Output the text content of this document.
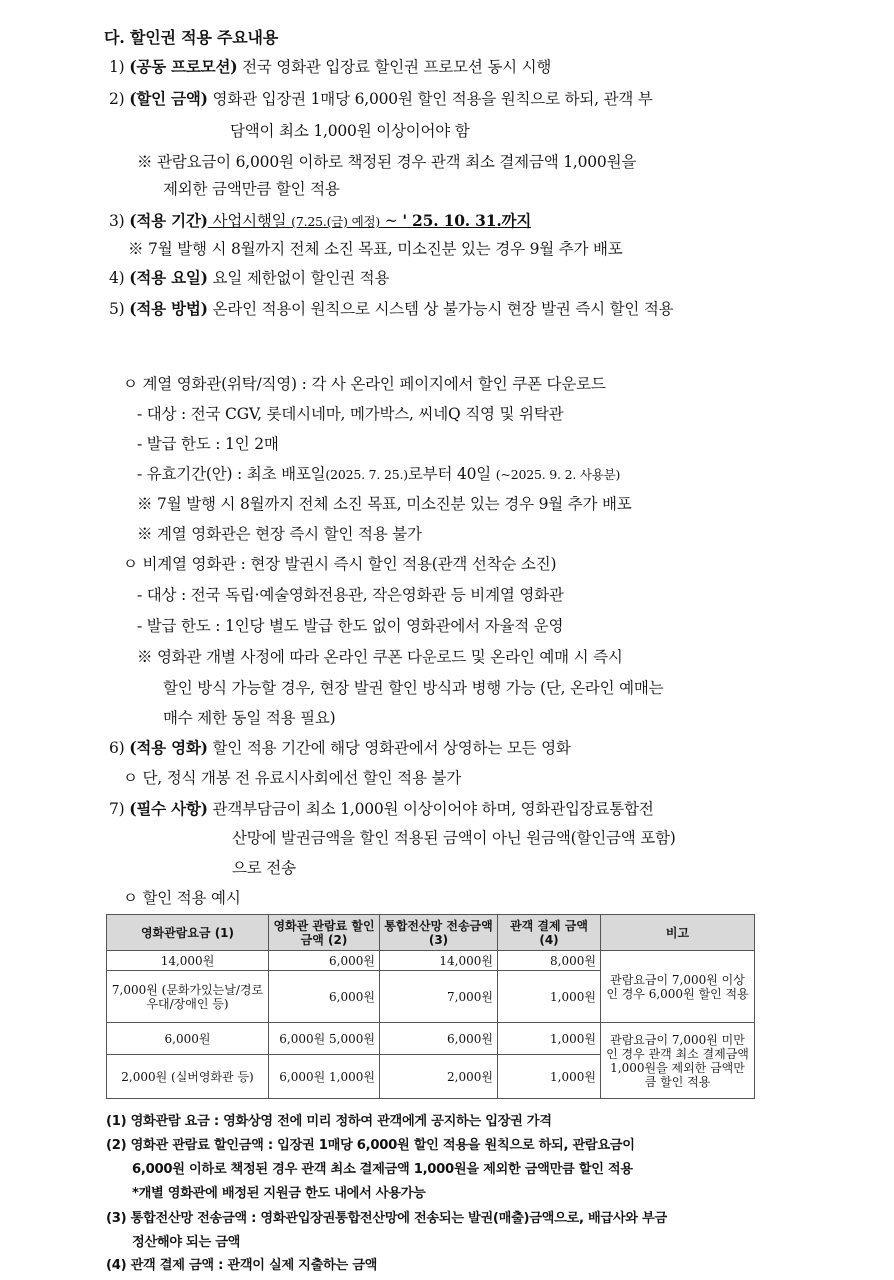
다. 할인권 적용 주요내용
1) (공동 프로모션) 전국 영화관 입장료 할인권 프로모션 동시 시행
2) (할인 금액) 영화관 입장권 1매당 6,000원 할인 적용을 원칙으로 하되, 관객 부
담액이 최소 1,000원 이상이어야 함
※ 관람요금이 6,000원 이하로 책정된 경우 관객 최소 결제금액 1,000원을
제외한 금액만큼 할인 적용
3) (적용 기간) 사업시행일 (7.25.(금) 예정) ~ ' 25. 10. 31.까지
※ 7월 발행 시 8월까지 전체 소진 목표, 미소진분 있는 경우 9월 추가 배포
4) (적용 요일) 요일 제한없이 할인권 적용
5) (적용 방법) 온라인 적용이 원칙으로 시스템 상 불가능시 현장 발권 즉시 할인 적용
ㅇ 계열 영화관(위탁/직영) : 각 사 온라인 페이지에서 할인 쿠폰 다운로드
- 대상 : 전국 CGV, 롯데시네마, 메가박스, 씨네Q 직영 및 위탁관
- 발급 한도 : 1인 2매
- 유효기간(안) : 최초 배포일(2025. 7. 25.)로부터 40일 (~2025. 9. 2. 사용분)
※ 7월 발행 시 8월까지 전체 소진 목표, 미소진분 있는 경우 9월 추가 배포
※ 계열 영화관은 현장 즉시 할인 적용 불가
ㅇ 비계열 영화관 : 현장 발권시 즉시 할인 적용(관객 선착순 소진)
- 대상 : 전국 독립·예술영화전용관, 작은영화관 등 비계열 영화관
- 발급 한도 : 1인당 별도 발급 한도 없이 영화관에서 자율적 운영
※ 영화관 개별 사정에 따라 온라인 쿠폰 다운로드 및 온라인 예매 시 즉시
할인 방식 가능할 경우, 현장 발권 할인 방식과 병행 가능 (단, 온라인 예매는
매수 제한 동일 적용 필요)
6) (적용 영화) 할인 적용 기간에 해당 영화관에서 상영하는 모든 영화
ㅇ 단, 정식 개봉 전 유료시사회에선 할인 적용 불가
7) (필수 사항) 관객부담금이 최소 1,000원 이상이어야 하며, 영화관입장료통합전
산망에 발권금액을 할인 적용된 금액이 아닌 원금액(할인금액 포함)
으로 전송
ㅇ 할인 적용 예시
영화관람요금 (1)	영화관 관람료 할인금액 (2)	통합전산망 전송금액 (3)	관객 결제 금액 (4)	비고
14,000원	6,000원	14,000원	8,000원	관람요금이 7,000원 이상인 경우 6,000원 할인 적용
7,000원 (문화가있는날/경로우대/장애인 등)	6,000원	7,000원	1,000원	
6,000원	6,000원 5,000원	6,000원	1,000원	관람요금이 7,000원 미만인 경우 관객 최소 결제금액 1,000원을 제외한 금액만큼 할인 적용
2,000원 (실버영화관 등)	6,000원 1,000원	2,000원	1,000원	
(1) 영화관람 요금 : 영화상영 전에 미리 정하여 관객에게 공지하는 입장권 가격
(2) 영화관 관람료 할인금액 : 입장권 1매당 6,000원 할인 적용을 원칙으로 하되, 관람요금이
6,000원 이하로 책정된 경우 관객 최소 결제금액 1,000원을 제외한 금액만큼 할인 적용
*개별 영화관에 배정된 지원금 한도 내에서 사용가능
(3) 통합전산망 전송금액 : 영화관입장권통합전산망에 전송되는 발권(매출)금액으로, 배급사와 부금
정산해야 되는 금액
(4) 관객 결제 금액 : 관객이 실제 지출하는 금액
